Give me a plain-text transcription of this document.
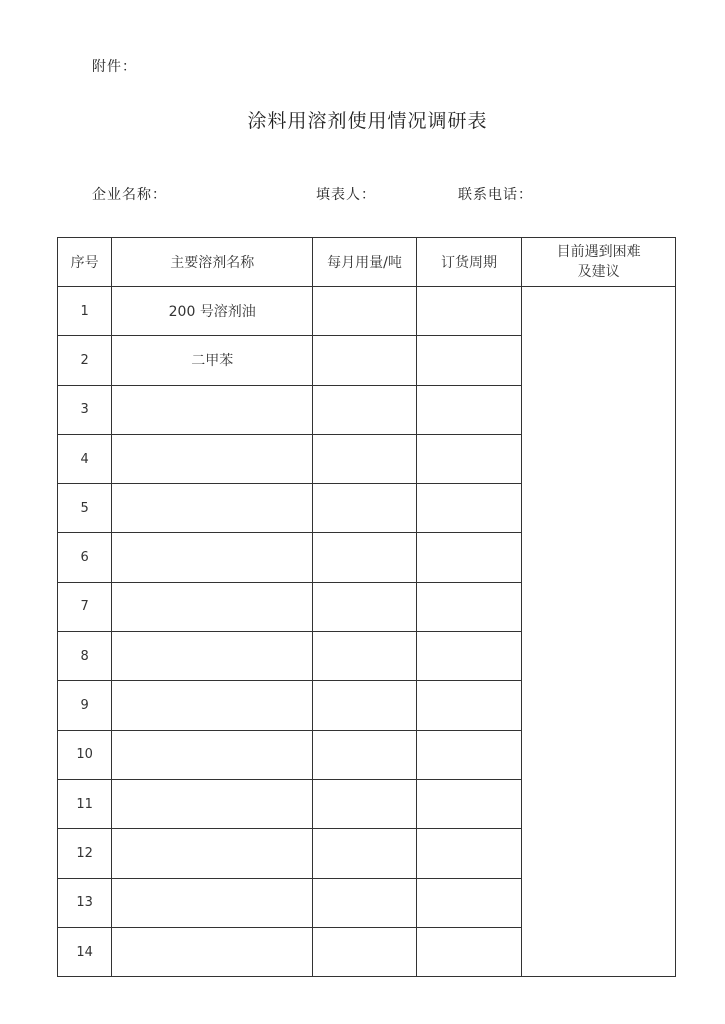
附件：
涂料用溶剂使用情况调研表
企业名称：	填表人：	联系电话：
序号	主要溶剂名称	每月用量/吨	订货周期	目前遇到困难
及建议

1	200 号溶剂油			
2	二甲苯			
3				
4				
5				
6				
7				
8				
9				
10				
11				
12				
13				
14				
